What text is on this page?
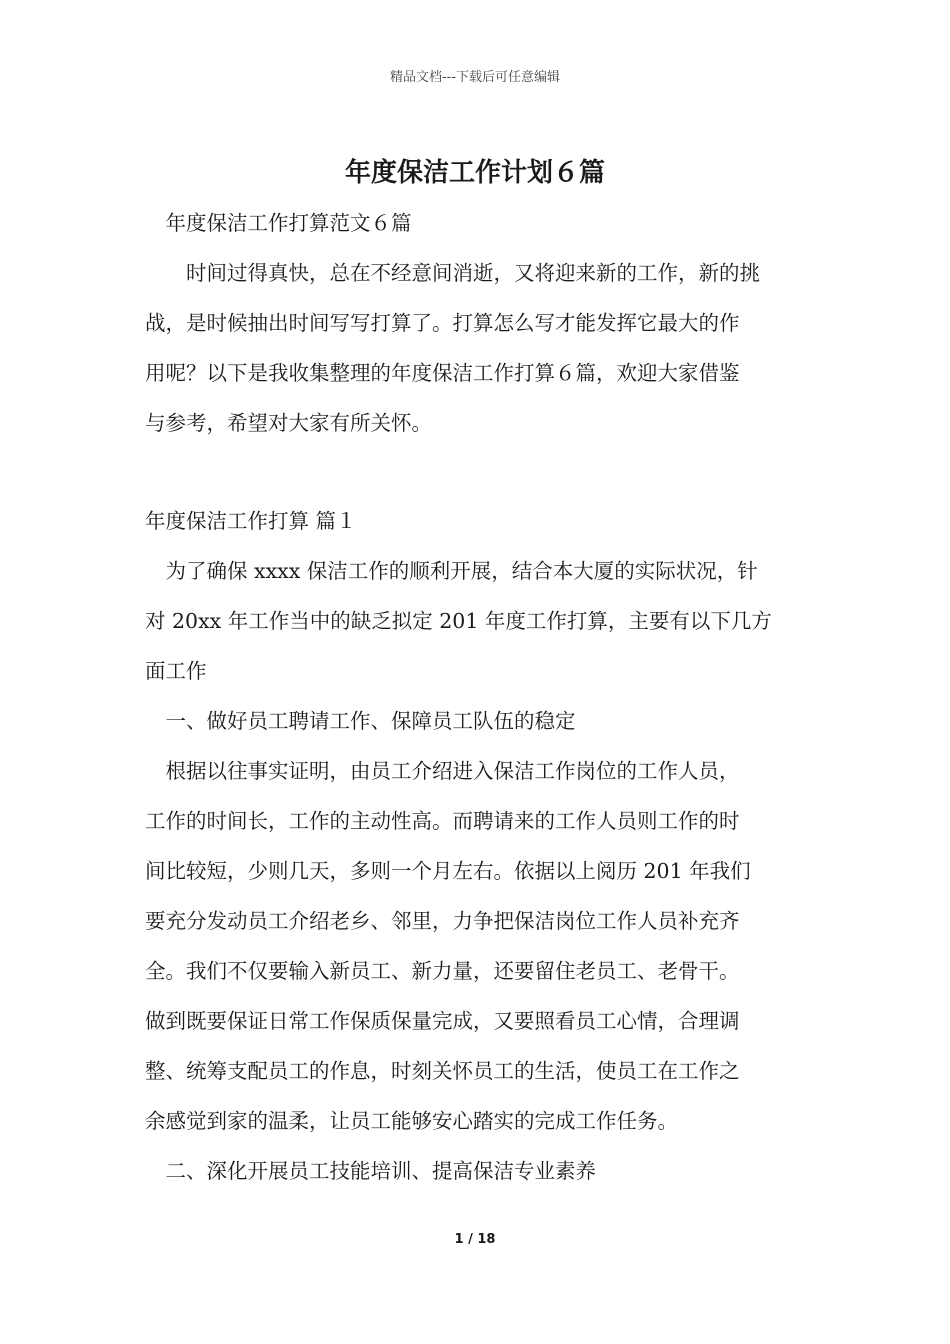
精品文档---下载后可任意编辑
年度保洁工作计划６篇

　年度保洁工作打算范文６篇

　　时间过得真快，总在不经意间消逝，又将迎来新的工作，新的挑

战，是时候抽出时间写写打算了。打算怎么写才能发挥它最大的作

用呢？以下是我收集整理的年度保洁工作打算６篇，欢迎大家借鉴

与参考，希望对大家有所关怀。

年度保洁工作打算 篇１

　为了确保 xxxx 保洁工作的顺利开展，结合本大厦的实际状况，针

对 20xx 年工作当中的缺乏拟定 201 年度工作打算，主要有以下几方

面工作

　一、做好员工聘请工作、保障员工队伍的稳定

　根据以往事实证明，由员工介绍进入保洁工作岗位的工作人员，

工作的时间长，工作的主动性高。而聘请来的工作人员则工作的时

间比较短，少则几天，多则一个月左右。依据以上阅历 201 年我们

要充分发动员工介绍老乡、邻里，力争把保洁岗位工作人员补充齐

全。我们不仅要输入新员工、新力量，还要留住老员工、老骨干。

做到既要保证日常工作保质保量完成，又要照看员工心情，合理调

整、统筹支配员工的作息，时刻关怀员工的生活，使员工在工作之

余感觉到家的温柔，让员工能够安心踏实的完成工作任务。

　二、深化开展员工技能培训、提高保洁专业素养

1 / 18
